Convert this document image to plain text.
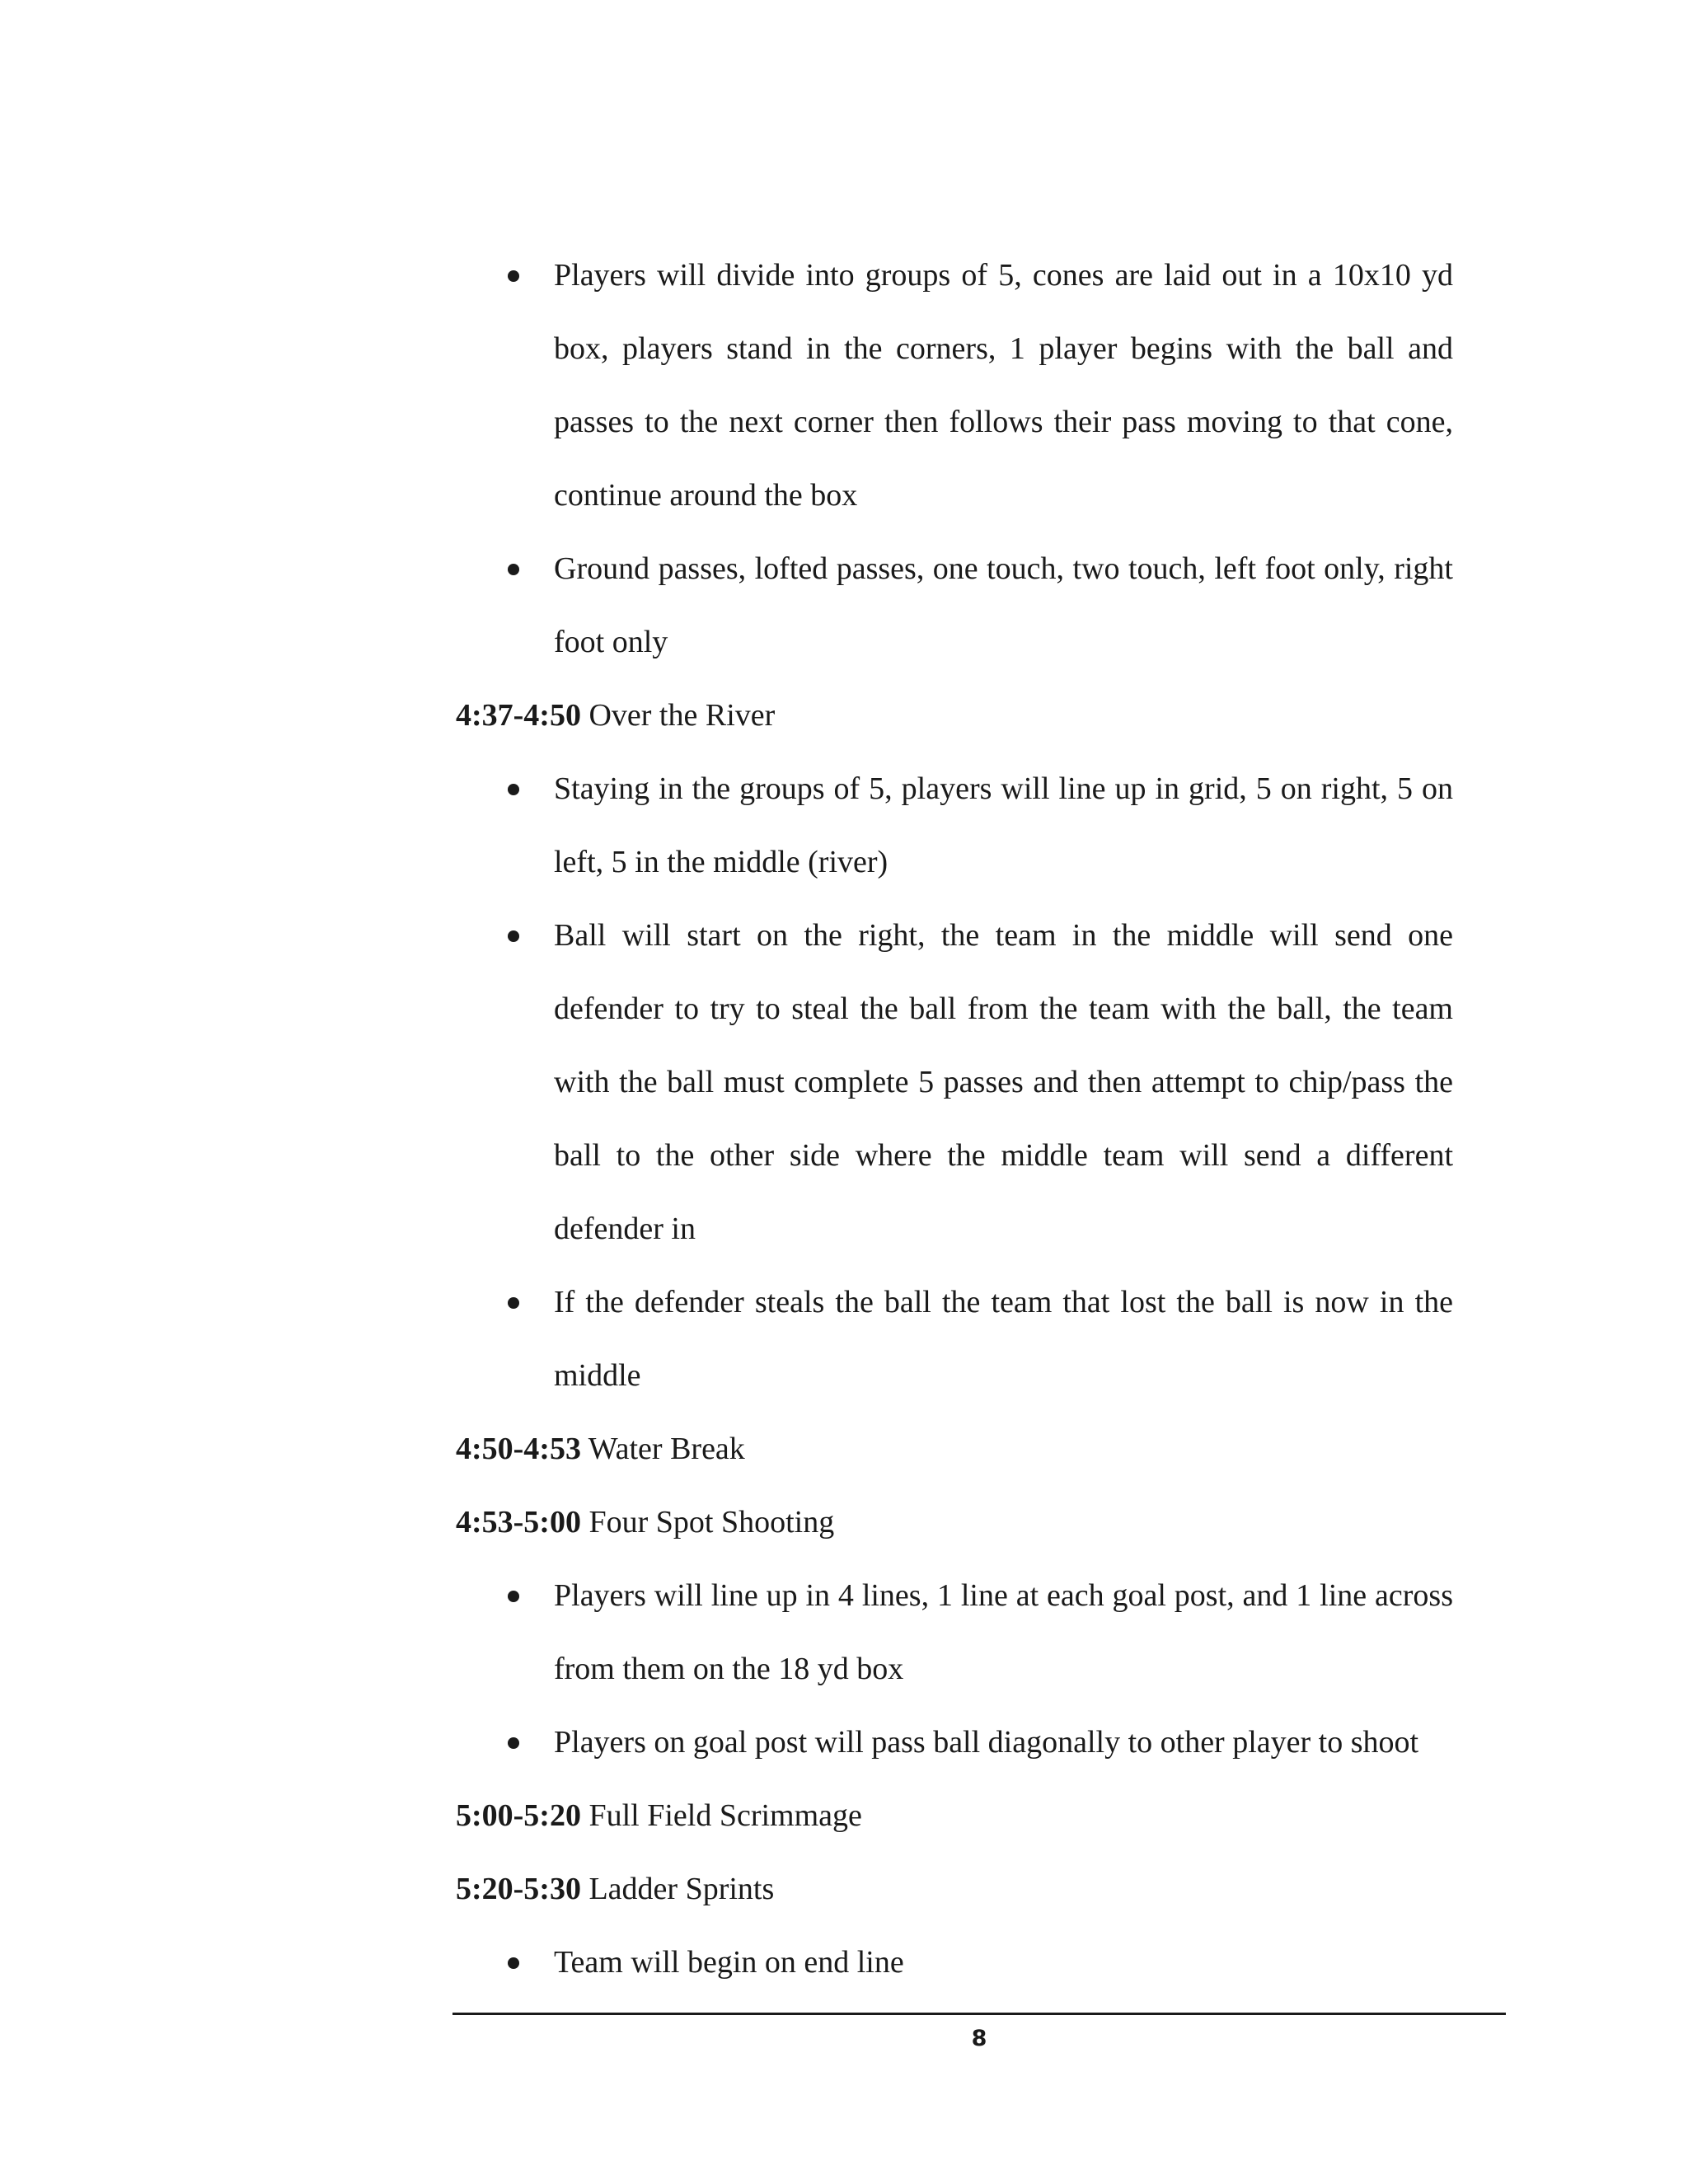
Players will divide into groups of 5, cones are laid out in a 10x10 yd box, players stand in the corners, 1 player begins with the ball and passes to the next corner then follows their pass moving to that cone, continue around the box
Ground passes, lofted passes, one touch, two touch, left foot only, right foot only
4:37-4:50 Over the River
Staying in the groups of 5, players will line up in grid, 5 on right, 5 on left, 5 in the middle (river)
Ball will start on the right, the team in the middle will send one defender to try to steal the ball from the team with the ball, the team with the ball must complete 5 passes and then attempt to chip/pass the ball to the other side where the middle team will send a different defender in
If the defender steals the ball the team that lost the ball is now in the middle
4:50-4:53 Water Break
4:53-5:00 Four Spot Shooting
Players will line up in 4 lines, 1 line at each goal post, and 1 line across from them on the 18 yd box
Players on goal post will pass ball diagonally to other player to shoot
5:00-5:20 Full Field Scrimmage
5:20-5:30 Ladder Sprints
Team will begin on end line
8
